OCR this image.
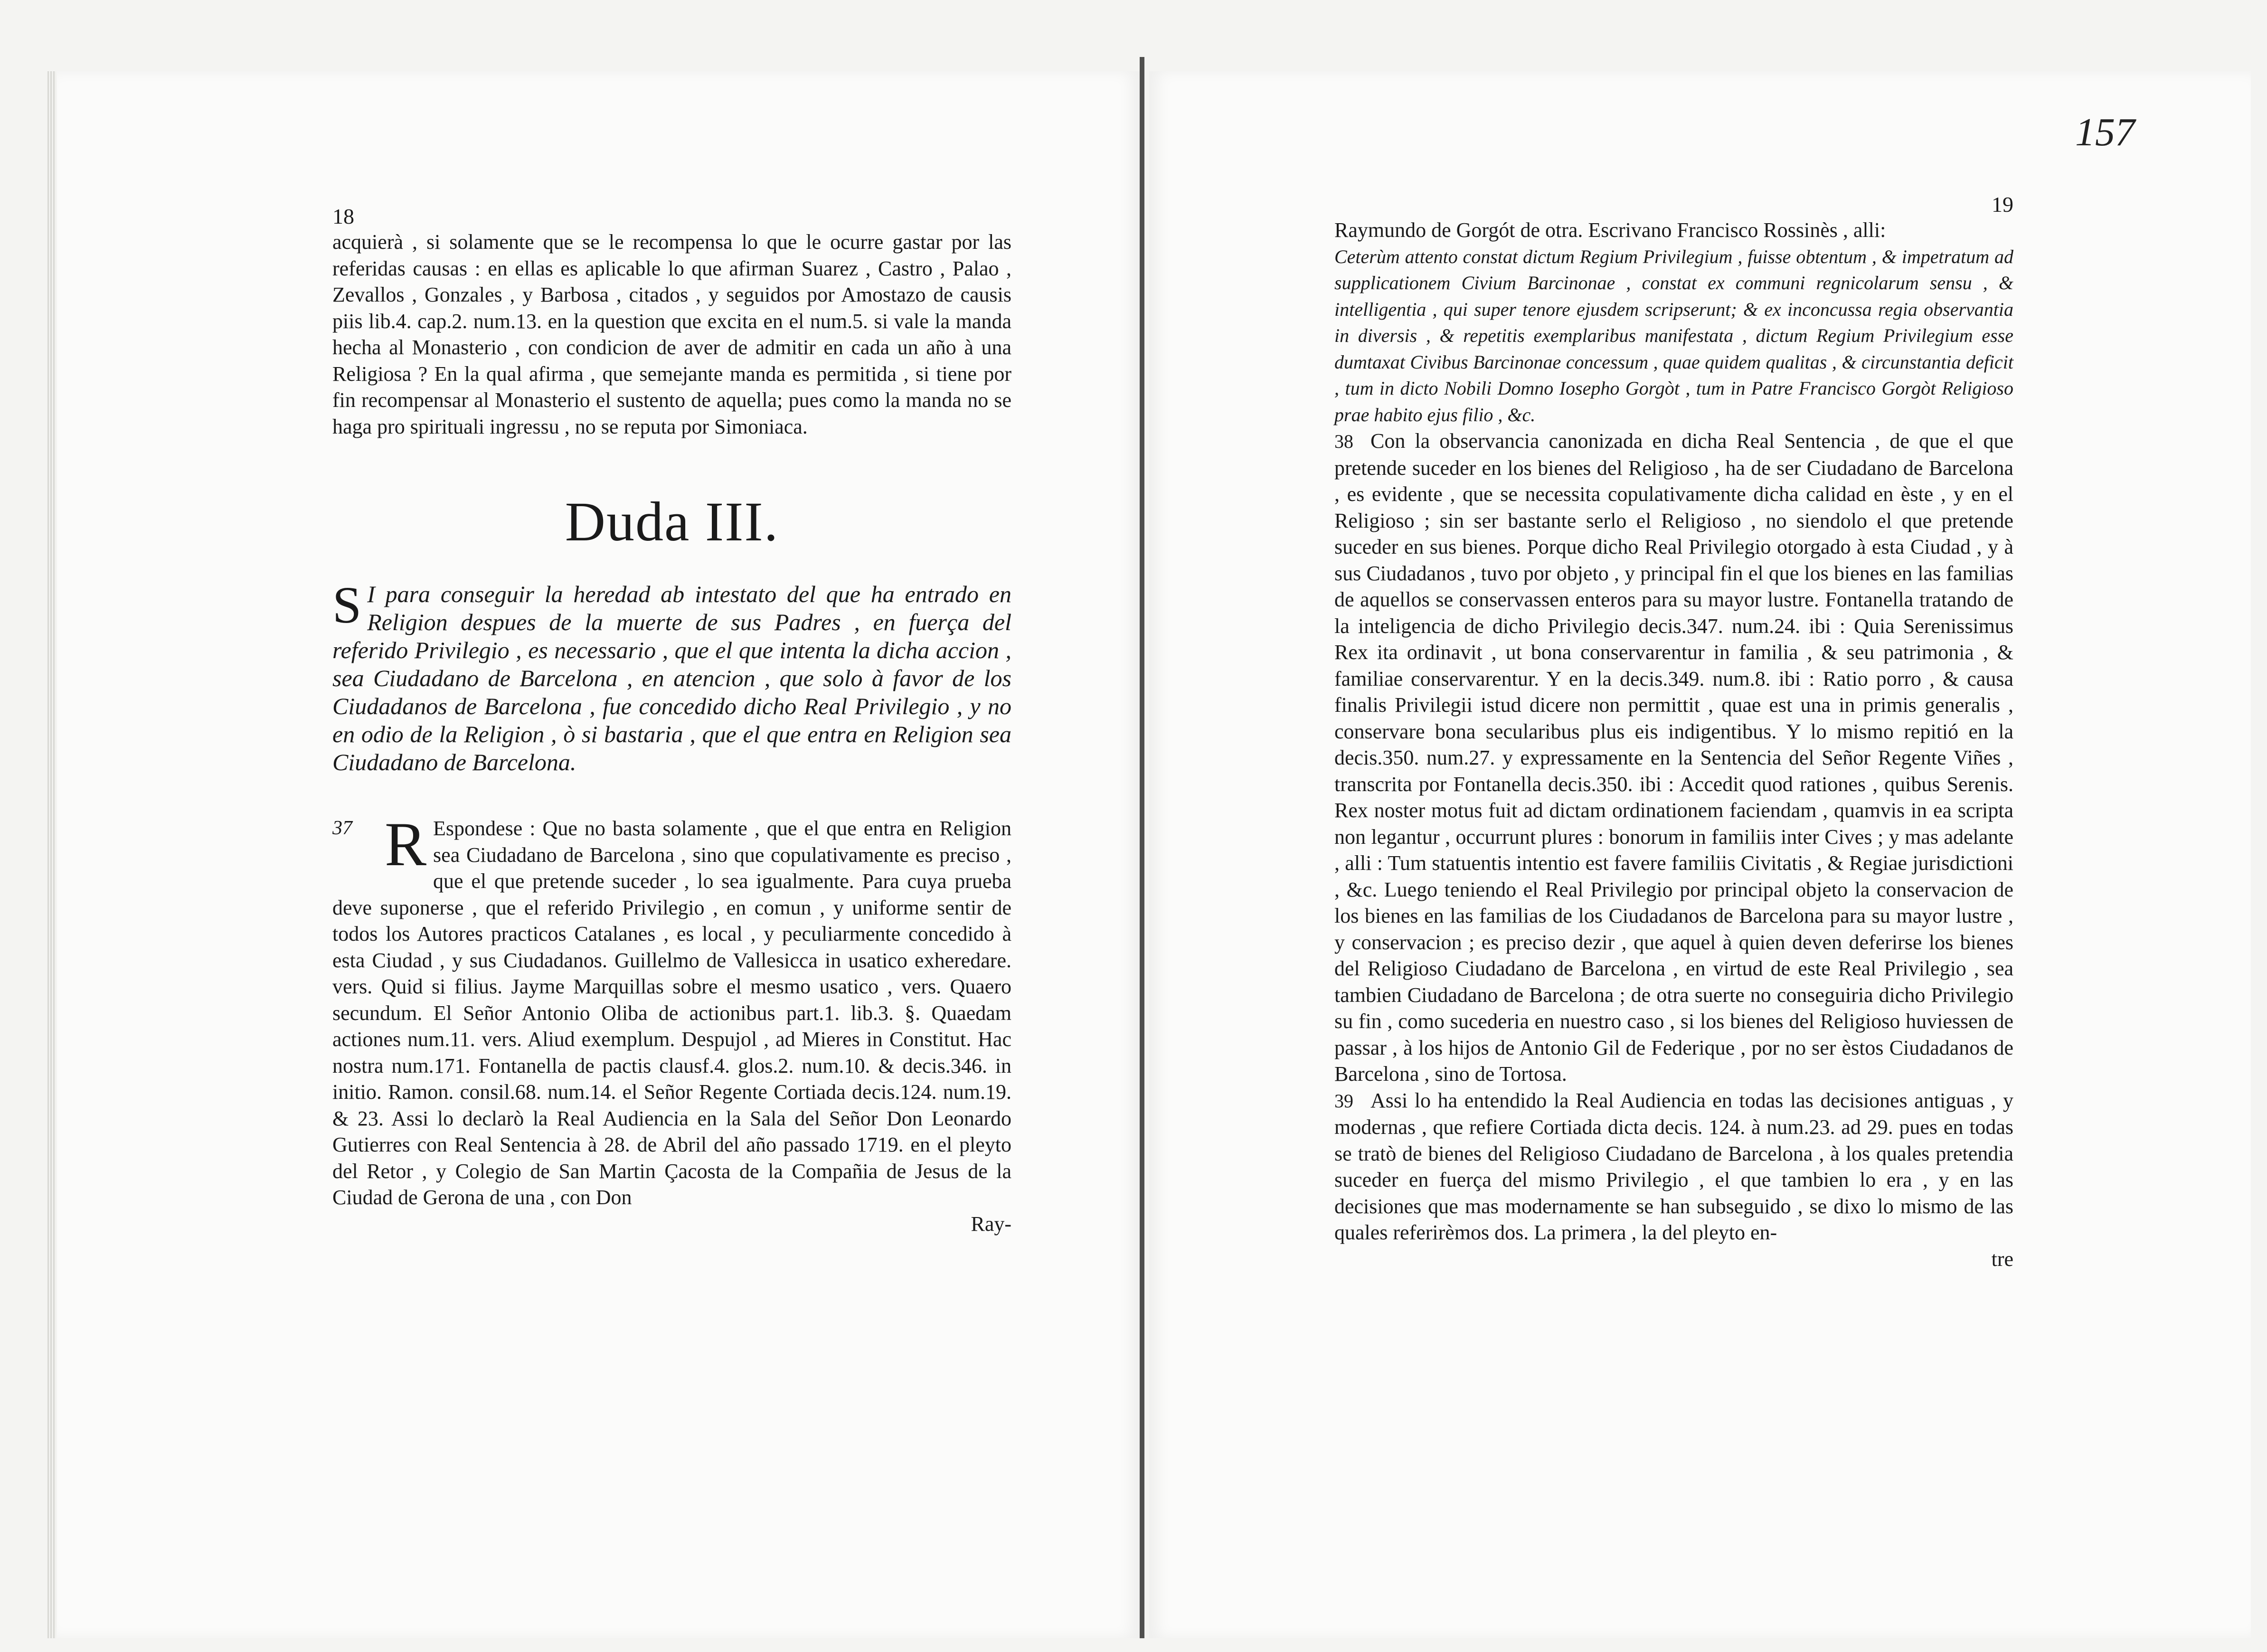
157
18

acquierà , si solamente que se le recompensa lo que le ocurre gastar por las referidas causas : en ellas es aplicable lo que afirman Suarez , Castro , Palao , Zevallos , Gonzales , y Barbosa , citados , y seguidos por Amostazo de causis piis lib.4. cap.2. num.13. en la question que excita en el num.5. si vale la manda hecha al Monasterio , con condicion de aver de admitir en cada un año à una Religiosa ? En la qual afirma , que semejante manda es permitida , si tiene por fin recompensar al Monasterio el sustento de aquella; pues como la manda no se haga pro spirituali ingressu , no se reputa por Simoniaca.

Duda III.

S I para conseguir la heredad ab intestato del que ha entrado en Religion despues de la muerte de sus Padres , en fuerça del referido Privilegio , es necessario , que el que intenta la dicha accion , sea Ciudadano de Barcelona , en atencion , que solo à favor de los Ciudadanos de Barcelona , fue concedido dicho Real Privilegio , y no en odio de la Religion , ò si bastaria , que el que entra en Religion sea Ciudadano de Barcelona.

37 R Espondese : Que no basta solamente , que el que entra en Religion sea Ciudadano de Barcelona , sino que copulativamente es preciso , que el que pretende suceder , lo sea igualmente. Para cuya prueba deve suponerse , que el referido Privilegio , en comun , y uniforme sentir de todos los Autores practicos Catalanes , es local , y peculiarmente concedido à esta Ciudad , y sus Ciudadanos. Guillelmo de Vallesicca in usatico exheredare. vers. Quid si filius. Jayme Marquillas sobre el mesmo usatico , vers. Quaero secundum. El Señor Antonio Oliba de actionibus part.1. lib.3. §. Quaedam actiones num.11. vers. Aliud exemplum. Despujol , ad Mieres in Constitut. Hac nostra num.171. Fontanella de pactis clausf.4. glos.2. num.10. & decis.346. in initio. Ramon. consil.68. num.14. el Señor Regente Cortiada decis.124. num.19. & 23. Assi lo declarò la Real Audiencia en la Sala del Señor Don Leonardo Gutierres con Real Sentencia à 28. de Abril del año passado 1719. en el pleyto del Retor , y Colegio de San Martin Çacosta de la Compañia de Jesus de la Ciudad de Gerona de una , con Don

Ray-

19

Raymundo de Gorgót de otra. Escrivano Francisco Rossinès , alli:

Ceterùm attento constat dictum Regium Privilegium , fuisse obtentum , & impetratum ad supplicationem Civium Barcinonae , constat ex communi regnicolarum sensu , & intelligentia , qui super tenore ejusdem scripserunt; & ex inconcussa regia observantia in diversis , & repetitis exemplaribus manifestata , dictum Regium Privilegium esse dumtaxat Civibus Barcinonae concessum , quae quidem qualitas , & circunstantia deficit , tum in dicto Nobili Domno Iosepho Gorgòt , tum in Patre Francisco Gorgòt Religioso prae habito ejus filio , &c.

38 Con la observancia canonizada en dicha Real Sentencia , de que el que pretende suceder en los bienes del Religioso , ha de ser Ciudadano de Barcelona , es evidente , que se necessita copulativamente dicha calidad en èste , y en el Religioso ; sin ser bastante serlo el Religioso , no siendolo el que pretende suceder en sus bienes. Porque dicho Real Privilegio otorgado à esta Ciudad , y à sus Ciudadanos , tuvo por objeto , y principal fin el que los bienes en las familias de aquellos se conservassen enteros para su mayor lustre. Fontanella tratando de la inteligencia de dicho Privilegio decis.347. num.24. ibi : Quia Serenissimus Rex ita ordinavit , ut bona conservarentur in familia , & seu patrimonia , & familiae conservarentur. Y en la decis.349. num.8. ibi : Ratio porro , & causa finalis Privilegii istud dicere non permittit , quae est una in primis generalis , conservare bona secularibus plus eis indigentibus. Y lo mismo repitió en la decis.350. num.27. y expressamente en la Sentencia del Señor Regente Viñes , transcrita por Fontanella decis.350. ibi : Accedit quod rationes , quibus Serenis. Rex noster motus fuit ad dictam ordinationem faciendam , quamvis in ea scripta non legantur , occurrunt plures : bonorum in familiis inter Cives ; y mas adelante , alli : Tum statuentis intentio est favere familiis Civitatis , & Regiae jurisdictioni , &c. Luego teniendo el Real Privilegio por principal objeto la conservacion de los bienes en las familias de los Ciudadanos de Barcelona para su mayor lustre , y conservacion ; es preciso dezir , que aquel à quien deven deferirse los bienes del Religioso Ciudadano de Barcelona , en virtud de este Real Privilegio , sea tambien Ciudadano de Barcelona ; de otra suerte no conseguiria dicho Privilegio su fin , como sucederia en nuestro caso , si los bienes del Religioso huviessen de passar , à los hijos de Antonio Gil de Federique , por no ser èstos Ciudadanos de Barcelona , sino de Tortosa.

39 Assi lo ha entendido la Real Audiencia en todas las decisiones antiguas , y modernas , que refiere Cortiada dicta decis. 124. à num.23. ad 29. pues en todas se tratò de bienes del Religioso Ciudadano de Barcelona , à los quales pretendia suceder en fuerça del mismo Privilegio , el que tambien lo era , y en las decisiones que mas modernamente se han subseguido , se dixo lo mismo de las quales referirèmos dos. La primera , la del pleyto en-

tre
